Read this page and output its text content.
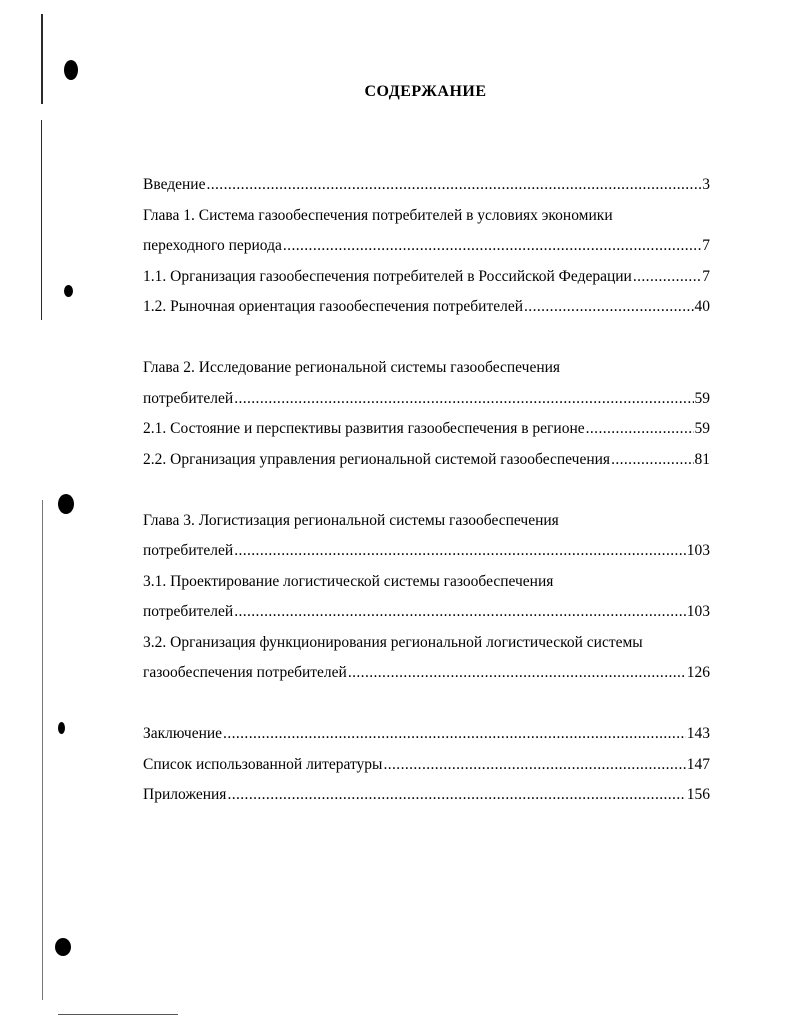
СОДЕРЖАНИЕ
Введение .....	3
Глава 1. Система газообеспечения потребителей в условиях экономики
переходного периода .....	7
1.1. Организация газообеспечения потребителей в Российской Федерации .....	7
1.2. Рыночная ориентация газообеспечения потребителей .....	40
Глава 2. Исследование региональной системы газообеспечения
потребителей .....	59
2.1. Состояние и перспективы развития газообеспечения в регионе .....	59
2.2. Организация управления региональной системой газообеспечения .....	81
Глава 3. Логистизация региональной системы газообеспечения
потребителей .....	103
3.1. Проектирование логистической системы газообеспечения
потребителей .....	103
3.2. Организация функционирования региональной логистической системы
газообеспечения потребителей .....	126
Заключение .....	143
Список использованной литературы .....	147
Приложения .....	156
